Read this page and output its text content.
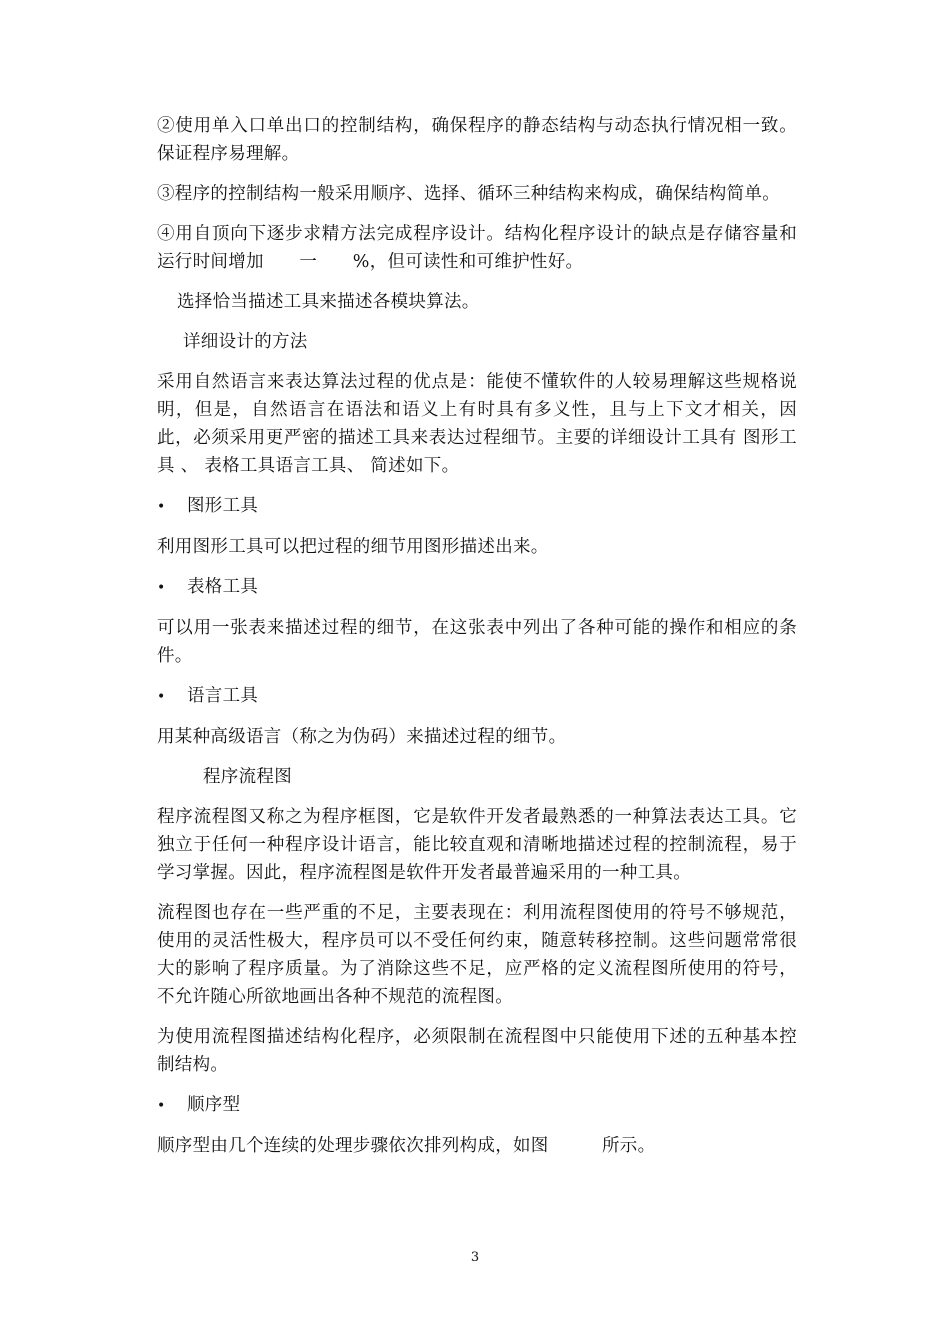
②使用单入口单出口的控制结构，确保程序的静态结构与动态执行情况相一致。保证程序易理解。

③程序的控制结构一般采用顺序、选择、循环三种结构来构成，确保结构简单。

④用自顶向下逐步求精方法完成程序设计。结构化程序设计的缺点是存储容量和运行时间增加　　一　　%，但可读性和可维护性好。

选择恰当描述工具来描述各模块算法。

详细设计的方法

采用自然语言来表达算法过程的优点是：能使不懂软件的人较易理解这些规格说明，但是，自然语言在语法和语义上有时具有多义性，且与上下文才相关，因此，必须采用更严密的描述工具来表达过程细节。主要的详细设计工具有 图形工具 、 表格工具语言工具、 简述如下。

•	图形工具

利用图形工具可以把过程的细节用图形描述出来。

•	表格工具

可以用一张表来描述过程的细节，在这张表中列出了各种可能的操作和相应的条件。

•	语言工具

用某种高级语言（称之为伪码）来描述过程的细节。

程序流程图

程序流程图又称之为程序框图，它是软件开发者最熟悉的一种算法表达工具。它独立于任何一种程序设计语言，能比较直观和清晰地描述过程的控制流程，易于学习掌握。因此，程序流程图是软件开发者最普遍采用的一种工具。

流程图也存在一些严重的不足，主要表现在：利用流程图使用的符号不够规范，使用的灵活性极大，程序员可以不受任何约束，随意转移控制。这些问题常常很大的影响了程序质量。为了消除这些不足，应严格的定义流程图所使用的符号，不允许随心所欲地画出各种不规范的流程图。

为使用流程图描述结构化程序，必须限制在流程图中只能使用下述的五种基本控制结构。

•	顺序型

顺序型由几个连续的处理步骤依次排列构成，如图　　　所示。

3
